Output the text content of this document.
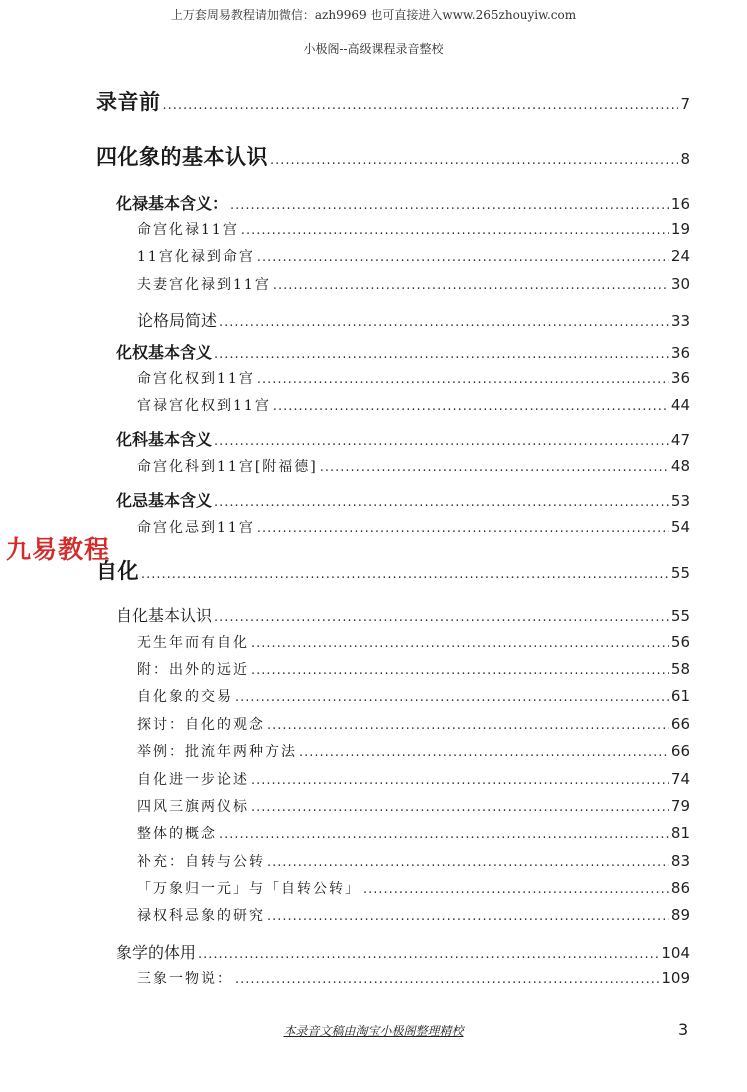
上万套周易教程请加微信：azh9969 也可直接进入www.265zhouyiw.com
小极阁--高级课程录音整校
录音前 .....	7
四化象的基本认识 .....	8
化禄基本含义： .....	16
命宫化禄11宫 .....	19
11宫化禄到命宫 .....	24
夫妻宫化禄到11宫 .....	30
论格局简述 .....	33
化权基本含义 .....	36
命宫化权到11宫 .....	36
官禄宫化权到11宫 .....	44
化科基本含义 .....	47
命宫化科到11宫[附福德] .....	48
化忌基本含义 .....	53
命宫化忌到11宫 .....	54
自化 .....	55
自化基本认识 .....	55
无生年而有自化 .....	56
附：出外的远近 .....	58
自化象的交易 .....	61
探讨：自化的观念 .....	66
举例：批流年两种方法 .....	66
自化进一步论述 .....	74
四风三旗两仪标 .....	79
整体的概念 .....	81
补充：自转与公转 .....	83
「万象归一元」与「自转公转」 .....	86
禄权科忌象的研究 .....	89
象学的体用 .....	104
三象一物说： .....	109
九易教程
本录音文稿由淘宝小极阁整理精校	3
